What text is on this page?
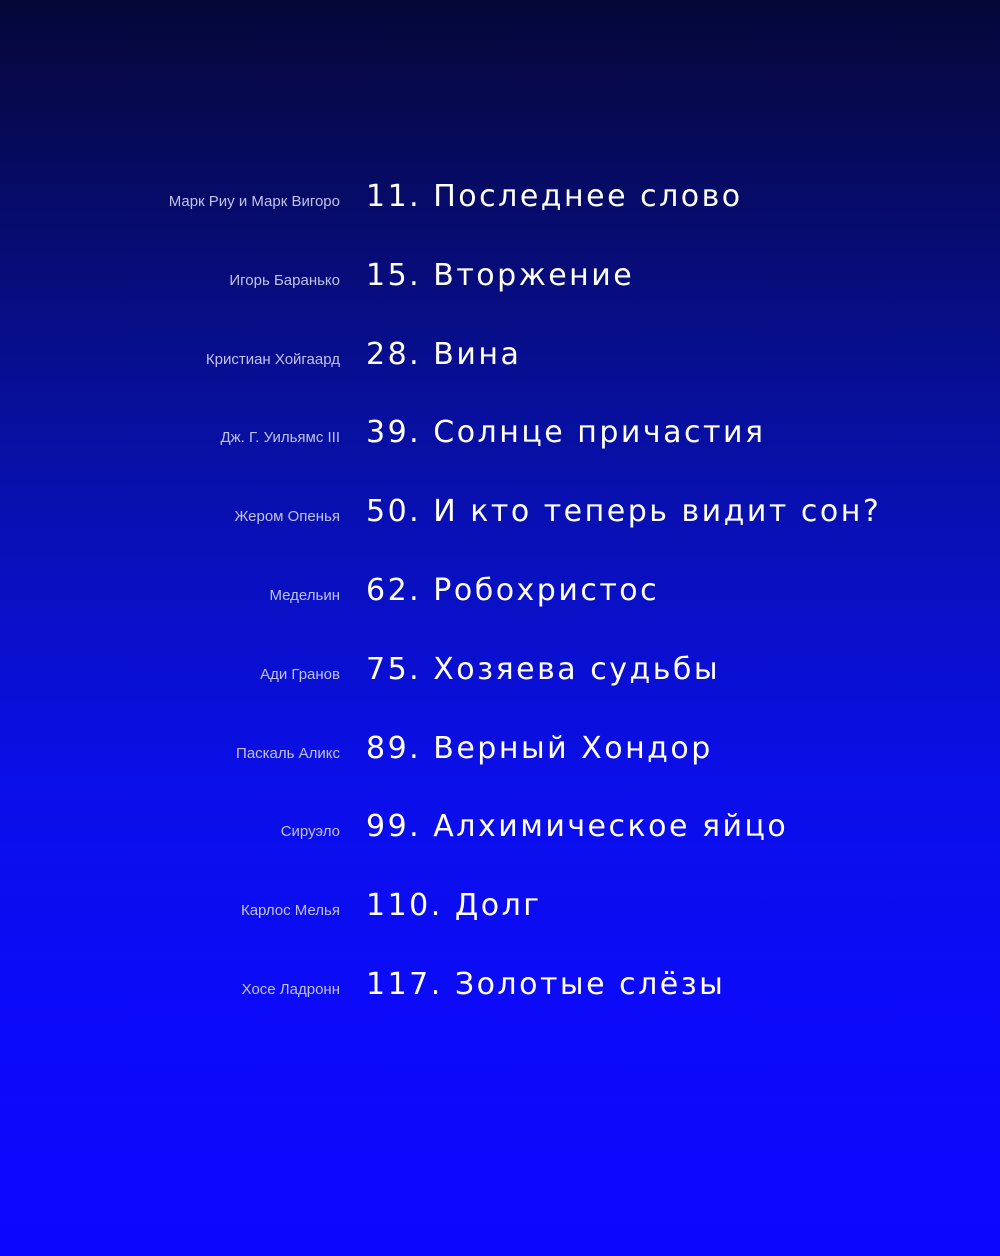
Марк Риу и Марк Вигоро 11. Последнее слово
Игорь Баранько 15. Вторжение
Кристиан Хойгаард 28. Вина
Дж. Г. Уильямс III 39. Солнце причастия
Жером Опенья 50. И кто теперь видит сон?
Медельин 62. Робохристос
Ади Гранов 75. Хозяева судьбы
Паскаль Аликс 89. Верный Хондор
Сируэло 99. Алхимическое яйцо
Карлос Мелья 110. Долг
Хосе Ладронн 117. Золотые слёзы
